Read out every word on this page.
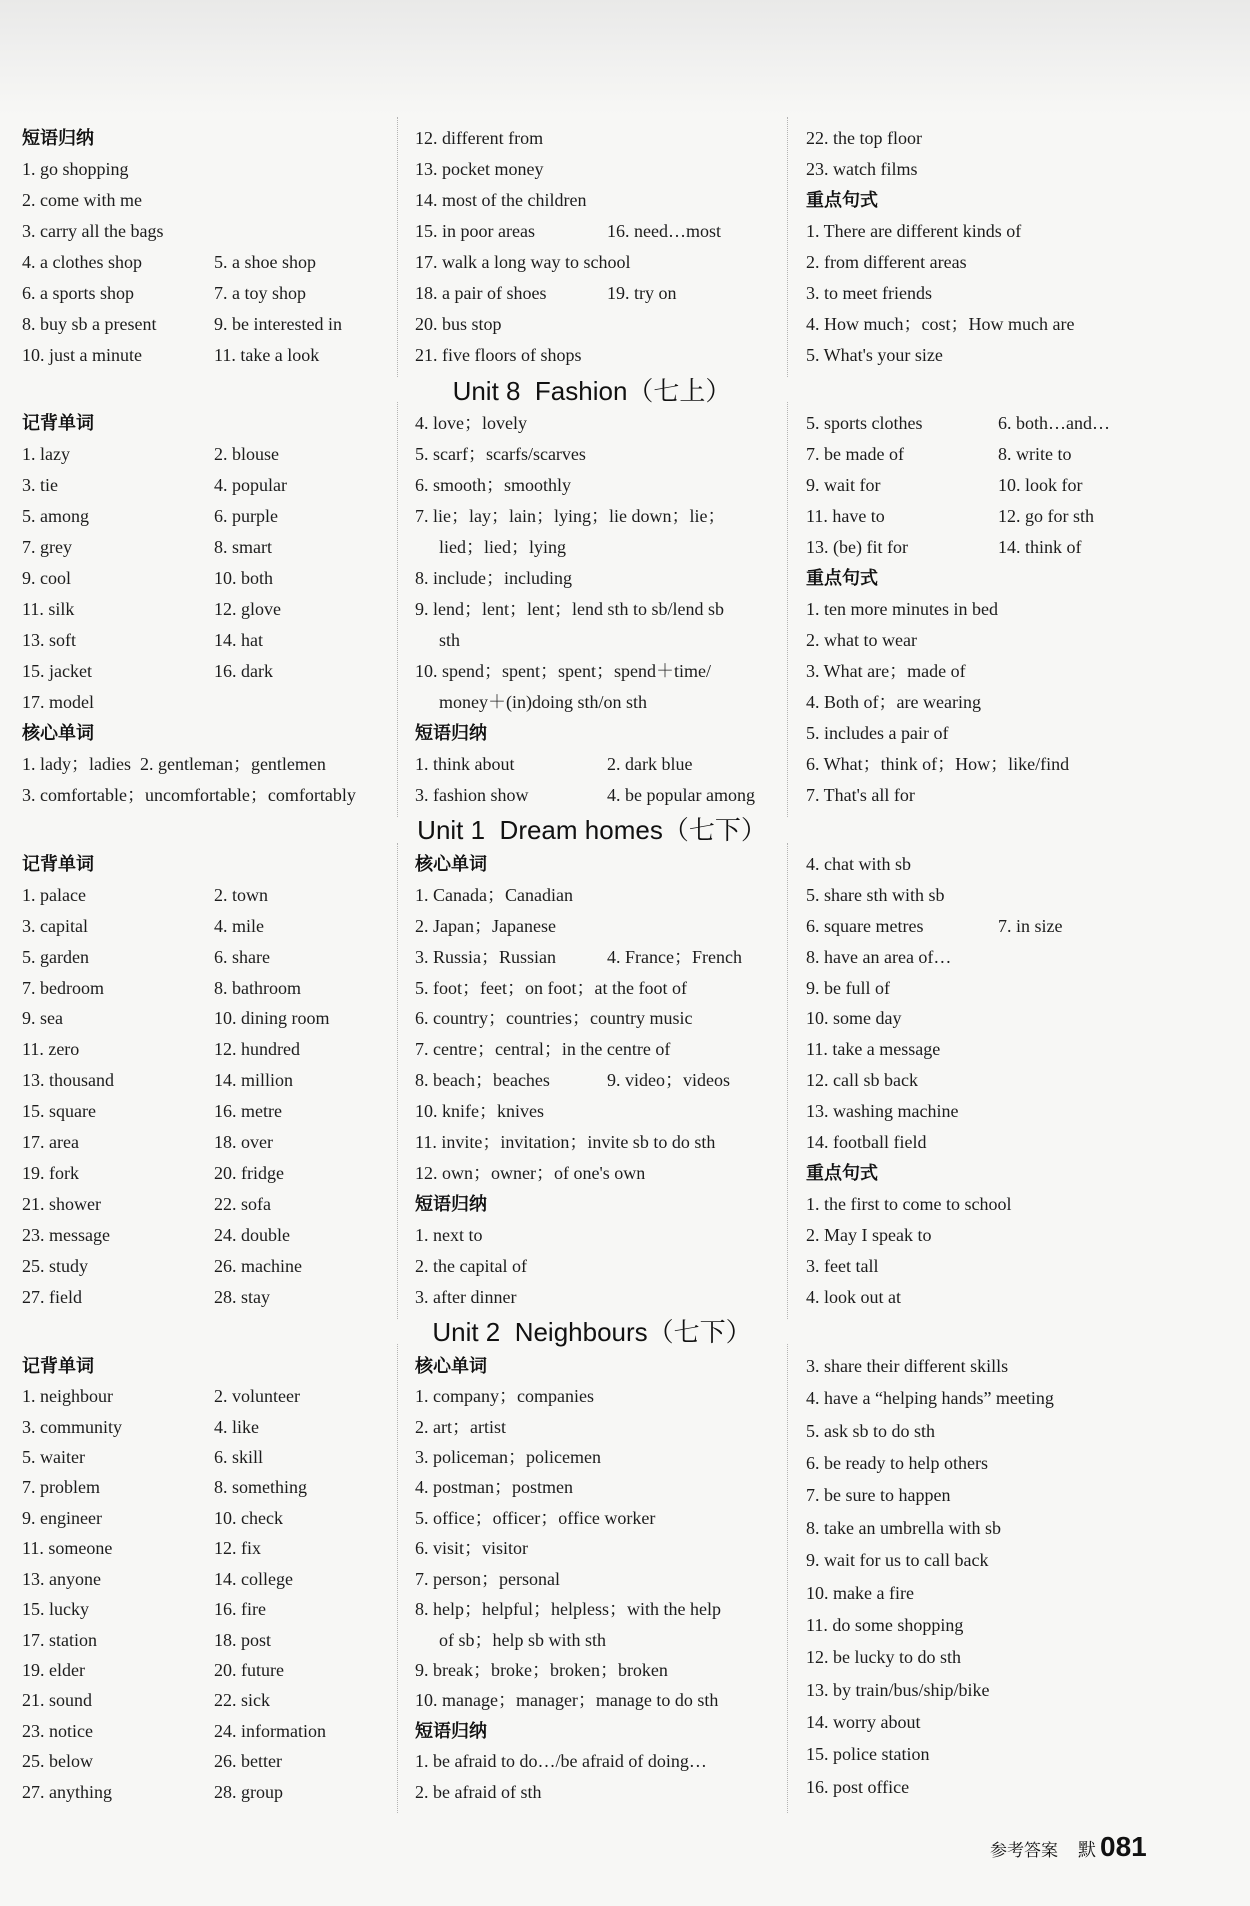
参考答案 默 081
短语归纳
1. go shopping
2. come with me
3. carry all the bags
4. a clothes shop	5. a shoe shop
6. a sports shop	7. a toy shop
8. buy sb a present	9. be interested in
10. just a minute	11. take a look
12. different from
13. pocket money
14. most of the children
15. in poor areas	16. need…most
17. walk a long way to school
18. a pair of shoes	19. try on
20. bus stop
21. five floors of shops
22. the top floor
23. watch films
重点句式
1. There are different kinds of
2. from different areas
3. to meet friends
4. How much；cost；How much are
5. What's your size
Unit 8  Fashion（七上）
记背单词
1. lazy	2. blouse
3. tie	4. popular
5. among	6. purple
7. grey	8. smart
9. cool	10. both
11. silk	12. glove
13. soft	14. hat
15. jacket	16. dark
17. model
核心单词
1. lady；ladies  2. gentleman；gentlemen
3. comfortable；uncomfortable；comfortably
4. love；lovely
5. scarf；scarfs/scarves
6. smooth；smoothly
7. lie；lay；lain；lying；lie down；lie；
lied；lied；lying
8. include；including
9. lend；lent；lent；lend sth to sb/lend sb
sth
10. spend；spent；spent；spend＋time/
money＋(in)doing sth/on sth
短语归纳
1. think about	2. dark blue
3. fashion show	4. be popular among
5. sports clothes	6. both…and…
7. be made of	8. write to
9. wait for	10. look for
11. have to	12. go for sth
13. (be) fit for	14. think of
重点句式
1. ten more minutes in bed
2. what to wear
3. What are；made of
4. Both of；are wearing
5. includes a pair of
6. What；think of；How；like/find
7. That's all for
Unit 1  Dream homes（七下）
记背单词
1. palace	2. town
3. capital	4. mile
5. garden	6. share
7. bedroom	8. bathroom
9. sea	10. dining room
11. zero	12. hundred
13. thousand	14. million
15. square	16. metre
17. area	18. over
19. fork	20. fridge
21. shower	22. sofa
23. message	24. double
25. study	26. machine
27. field	28. stay
核心单词
1. Canada；Canadian
2. Japan；Japanese
3. Russia；Russian	4. France；French
5. foot；feet；on foot；at the foot of
6. country；countries；country music
7. centre；central；in the centre of
8. beach；beaches	9. video；videos
10. knife；knives
11. invite；invitation；invite sb to do sth
12. own；owner；of one's own
短语归纳
1. next to
2. the capital of
3. after dinner
4. chat with sb
5. share sth with sb
6. square metres	7. in size
8. have an area of…
9. be full of
10. some day
11. take a message
12. call sb back
13. washing machine
14. football field
重点句式
1. the first to come to school
2. May I speak to
3. feet tall
4. look out at
Unit 2  Neighbours（七下）
记背单词
1. neighbour	2. volunteer
3. community	4. like
5. waiter	6. skill
7. problem	8. something
9. engineer	10. check
11. someone	12. fix
13. anyone	14. college
15. lucky	16. fire
17. station	18. post
19. elder	20. future
21. sound	22. sick
23. notice	24. information
25. below	26. better
27. anything	28. group
核心单词
1. company；companies
2. art；artist
3. policeman；policemen
4. postman；postmen
5. office；officer；office worker
6. visit；visitor
7. person；personal
8. help；helpful；helpless；with the help
of sb；help sb with sth
9. break；broke；broken；broken
10. manage；manager；manage to do sth
短语归纳
1. be afraid to do…/be afraid of doing…
2. be afraid of sth
3. share their different skills
4. have a “helping hands” meeting
5. ask sb to do sth
6. be ready to help others
7. be sure to happen
8. take an umbrella with sb
9. wait for us to call back
10. make a fire
11. do some shopping
12. be lucky to do sth
13. by train/bus/ship/bike
14. worry about
15. police station
16. post office
